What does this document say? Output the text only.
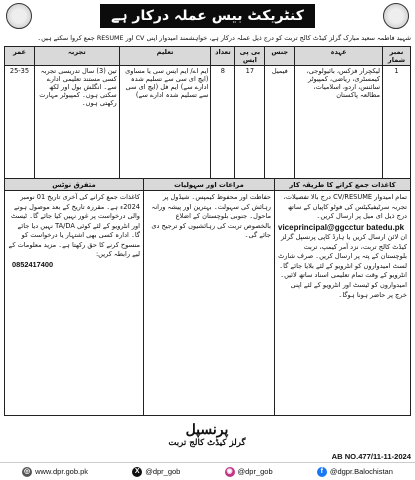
کنٹریکٹ بیس عملہ درکار ہے
شہید فاطمہ سعید مبارک گرلز کیڈٹ کالج تربت کو درج ذیل عملہ درکار ہے، خواہشمند امیدوار اپنی CV اور RESUME جمع کروا سکتے ہیں۔
نمبر شمار	عہدہ	جنس	بی پی ایس	تعداد	تعلیم	تجربہ	عمر
1	لیکچرار فزکس، بائیولوجی، کیمسٹری، ریاضی، کمپیوٹر سائنس، اردو، اسلامیات، مطالعہ پاکستان	فیمیل	17	8	ایم اے/ ایم ایس سی یا مساوی (ایچ ای سی سے تسلیم شدہ ادارے سے) ایم فل (ایچ ای سی سے تسلیم شدہ ادارے سے)	تین (3) سال تدریسی تجربہ کسی مستند تعلیمی ادارے سے۔ انگلش بول اور لکھ سکتی ہوں۔ کمپیوٹر مہارت رکھتی ہوں۔	25-35
متفرق نوٹس
کاغذات جمع کرانے کی آخری تاریخ 01 نومبر 2024ء ہے۔ مقررہ تاریخ کے بعد موصول ہونے والی درخواست پر غور نہیں کیا جائے گا۔ ٹیسٹ اور انٹرویو کے لئے کوئی TA/DA نہیں دیا جائے گا۔ ادارہ کسی بھی اشتہار یا درخواست کو منسوخ کرنے کا حق رکھتا ہے۔ مزید معلومات کے لیے رابطہ کریں:
0852417400
مراعات اور سہولیات
حفاظت اور محفوظ کیمپس۔ شیڈول پر رہائش کی سہولت۔ بہترین اور پیشہ ورانہ ماحول۔ جنوبی بلوچستان کے اضلاع بالخصوص تربت کی رہائشیوں کو ترجیح دی جائے گی۔
کاغذات جمع کرانے کا طریقہ کار
تمام امیدوار CV/RESUME درج بالا تفصیلات، تجربہ سرٹیفیکیٹس کی فوٹو کاپیاں کے ساتھ درج ذیل ای میل پر ارسال کریں۔
viceprincipal@ggcctur batedu.pk
ان لائن ارسال کریں یا ہارڈ کاپی پرنسپل گرلز کیڈٹ کالج تربت، نزد آمر کیمپ، تربت بلوچستان کے پتہ پر ارسال کریں۔ صرف شارٹ لسٹ امیدواروں کو انٹرویو کے لئے بلایا جائے گا۔ انٹرویو کے وقت تمام تعلیمی اسناد ساتھ لائیں۔ امیدواروں کو ٹیسٹ اور انٹرویو کے لئے اپنی خرچ پر حاضر ہونا ہوگا۔
پرنسپل
گرلز کیڈٹ کالج تربت
AB NO.477/11-11-2024
◎ www.dpr.gob.pk	X @dpr_gob	◉ @dpr_gob	f @dgpr.Balochistan
